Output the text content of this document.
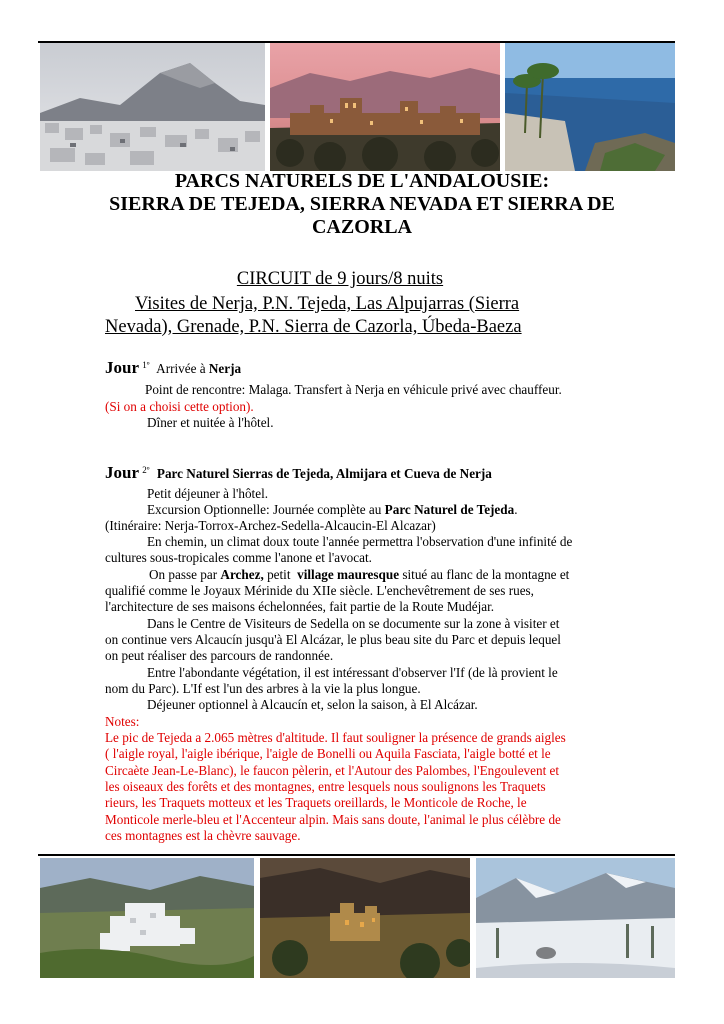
PARCS NATURELS DE L'ANDALOUSIE:
SIERRA DE TEJEDA, SIERRA NEVADA ET SIERRA DE
CAZORLA
CIRCUIT de 9 jours/8 nuits
Visites de Nerja, P.N. Tejeda, Las Alpujarras (Sierra
Nevada), Grenade, P.N. Sierra de Cazorla, Úbeda-Baeza
Jour $^{1º}$ Arrivée à Nerja
Point de rencontre: Malaga. Transfert à Nerja en véhicule privé avec chauffeur.
(Si on a choisi cette option).
Dîner et nuitée à l'hôtel.
Jour $^{2º}$ Parc Naturel Sierras de Tejeda, Almijara et Cueva de Nerja
Petit déjeuner à l'hôtel.
Excursion Optionnelle: Journée complète au Parc Naturel de Tejeda.
(Itinéraire: Nerja-Torrox-Archez-Sedella-Alcaucin-El Alcazar)
En chemin, un climat doux toute l'année permettra l'observation d'une infinité de
cultures sous-tropicales comme l'anone et l'avocat.
On passe par Archez, petit  village mauresque situé au flanc de la montagne et
qualifié comme le Joyaux Mérinide du XIIe siècle. L'enchevêtrement de ses rues,
l'architecture de ses maisons échelonnées, fait partie de la Route Mudéjar.
Dans le Centre de Visiteurs de Sedella on se documente sur la zone à visiter et
on continue vers Alcaucín jusqu'à El Alcázar, le plus beau site du Parc et depuis lequel
on peut réaliser des parcours de randonnée.
Entre l'abondante végétation, il est intéressant d'observer l'If (de là provient le
nom du Parc). L'If est l'un des arbres à la vie la plus longue.
Déjeuner optionnel à Alcaucín et, selon la saison, à El Alcázar.
Notes:
Le pic de Tejeda a 2.065 mètres d'altitude. Il faut souligner la présence de grands aigles
( l'aigle royal, l'aigle ibérique, l'aigle de Bonelli ou Aquila Fasciata, l'aigle botté et le
Circaète Jean-Le-Blanc), le faucon pèlerin, et l'Autour des Palombes, l'Engoulevent et
les oiseaux des forêts et des montagnes, entre lesquels nous soulignons les Traquets
rieurs, les Traquets motteux et les Traquets oreillards, le Monticole de Roche, le
Monticole merle-bleu et l'Accenteur alpin. Mais sans doute, l'animal le plus célèbre de
ces montagnes est la chèvre sauvage.
